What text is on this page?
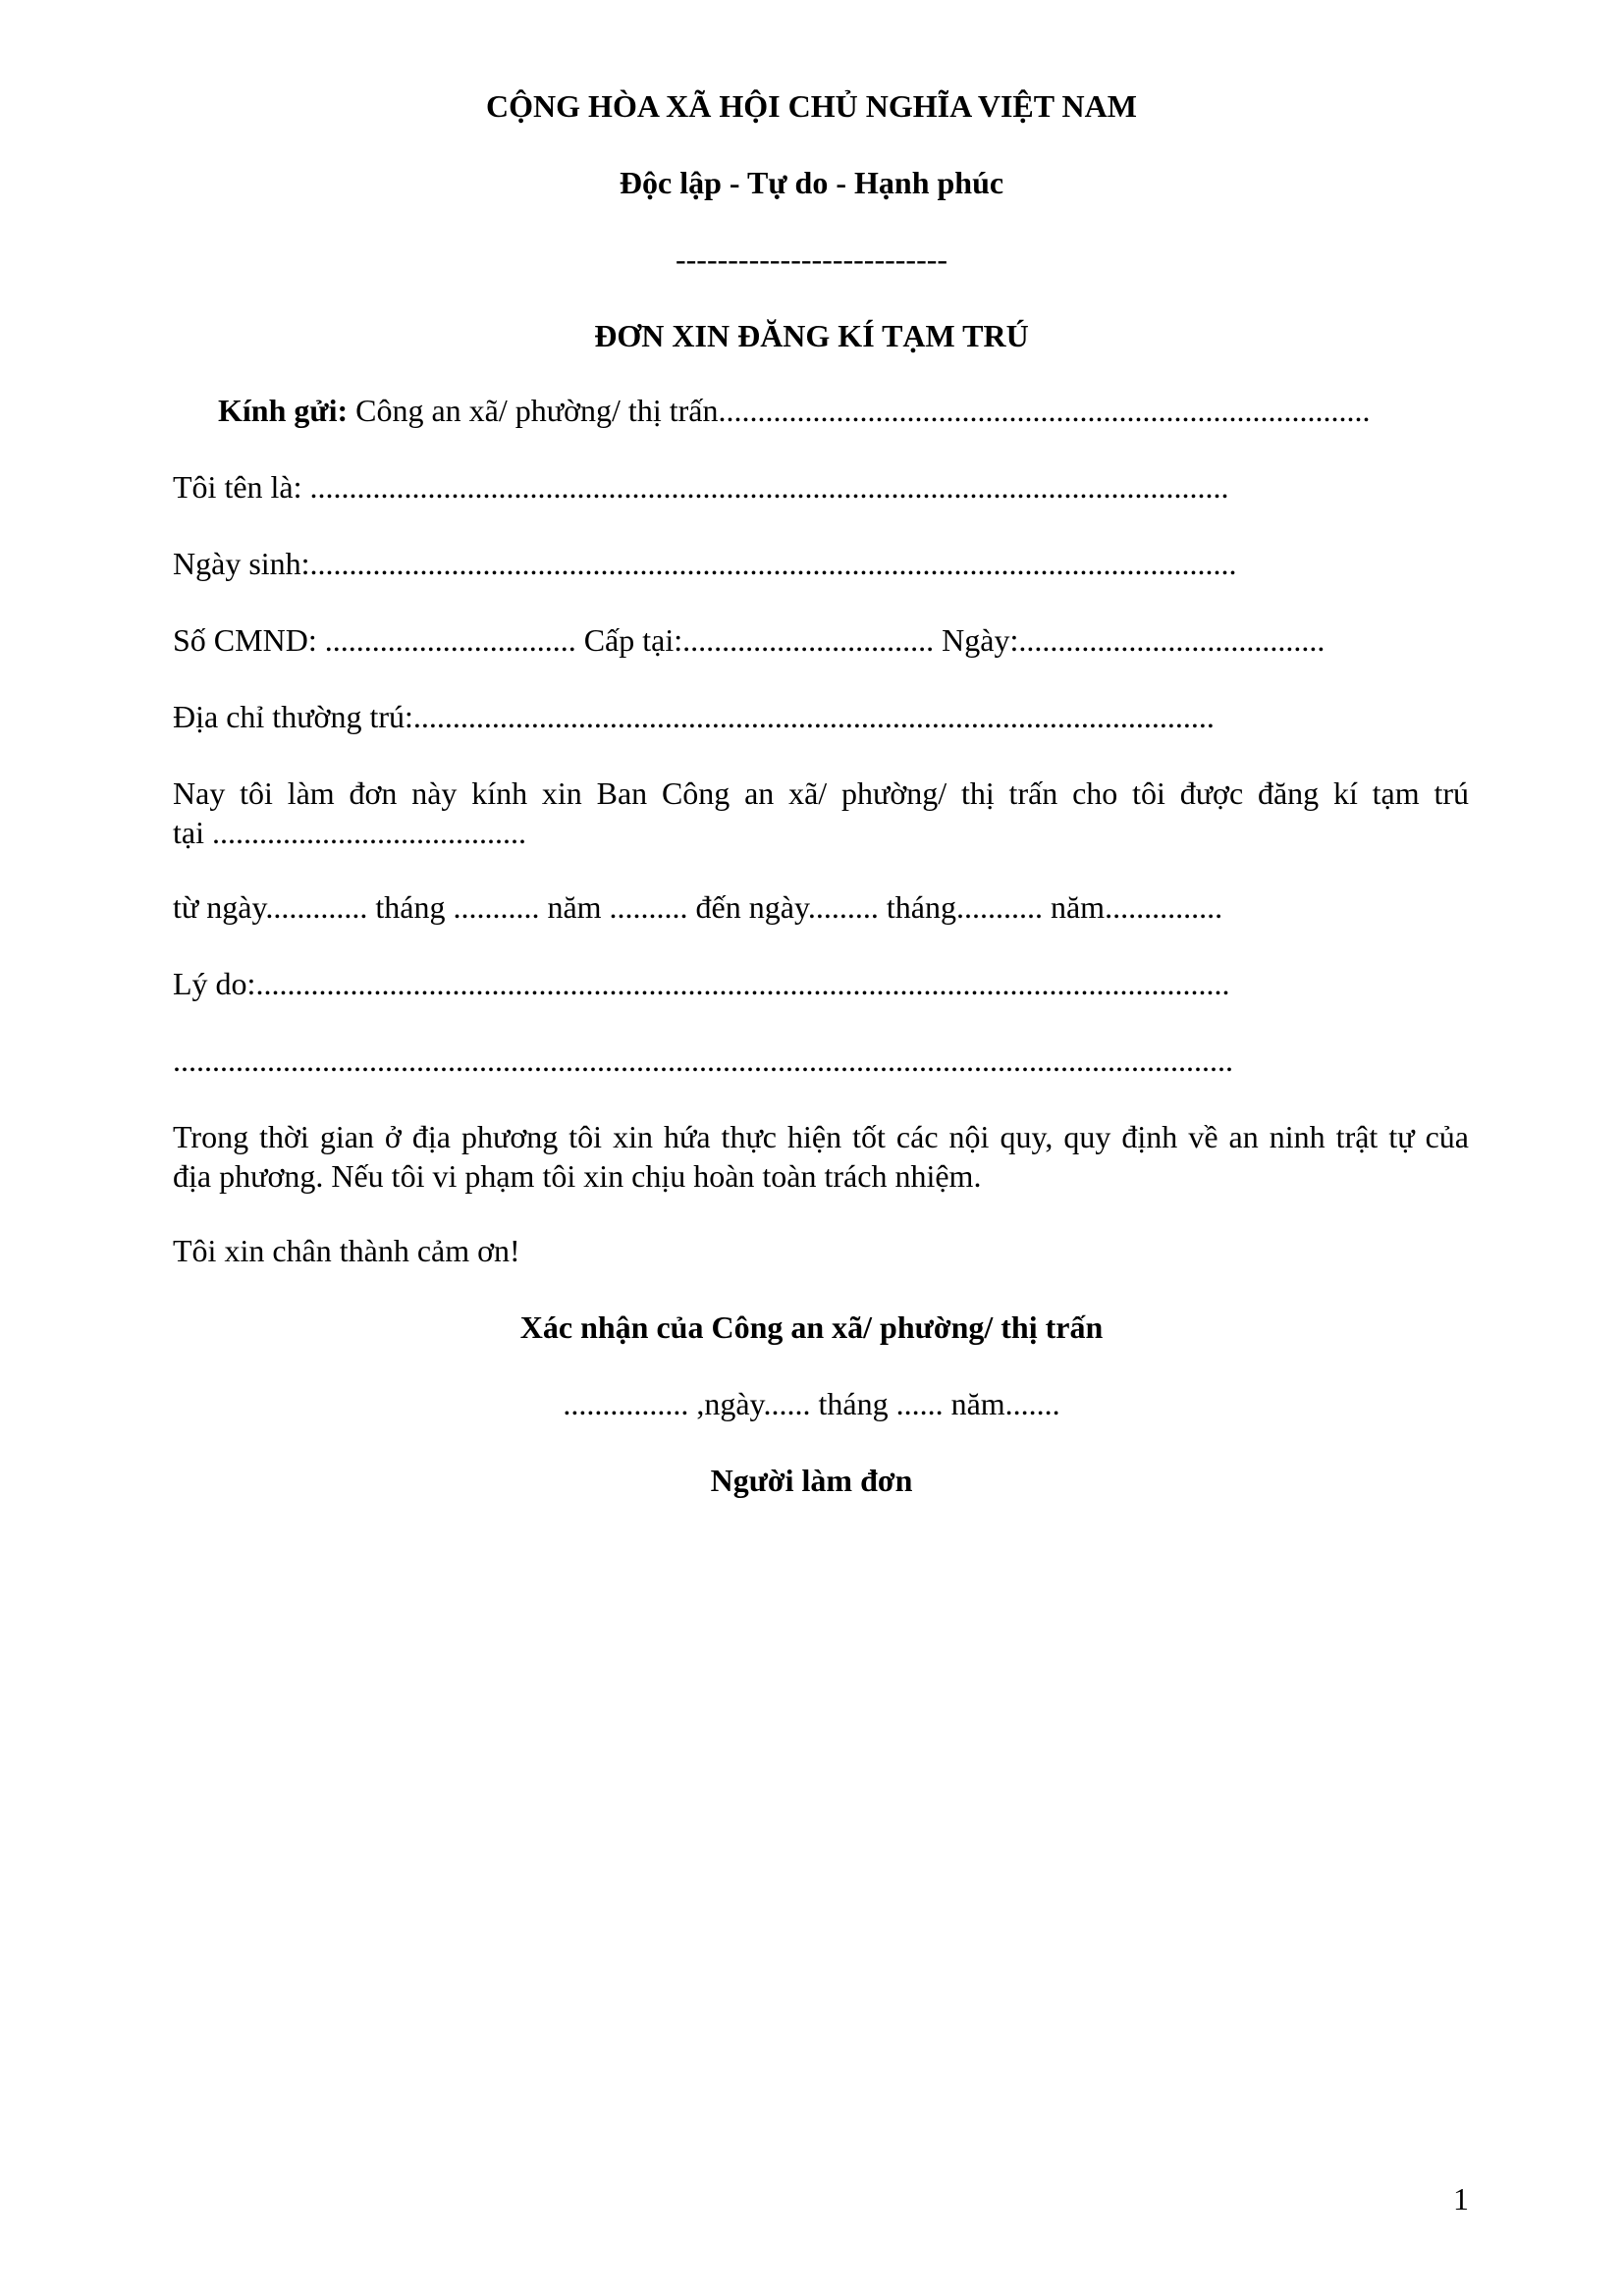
CỘNG HÒA XÃ HỘI CHỦ NGHĨA VIỆT NAM
Độc lập - Tự do - Hạnh phúc
--------------------------
ĐƠN XIN ĐĂNG KÍ TẠM TRÚ
Kính gửi: Công an xã/ phường/ thị trấn...................................................................................
Tôi tên là: .....................................................................................................................
Ngày sinh:......................................................................................................................
Số CMND: ................................ Cấp tại:................................ Ngày:.......................................
Địa chỉ thường trú:......................................................................................................
Nay tôi làm đơn này kính xin Ban Công an xã/ phường/ thị trấn cho tôi được đăng kí tạm trú
tại ........................................
từ ngày............. tháng ........... năm .......... đến ngày......... tháng........... năm...............
Lý do:............................................................................................................................
.......................................................................................................................................
Trong thời gian ở địa phương tôi xin hứa thực hiện tốt các nội quy, quy định về an ninh trật tự của
địa phương. Nếu tôi vi phạm tôi xin chịu hoàn toàn trách nhiệm.
Tôi xin chân thành cảm ơn!
Xác nhận của Công an xã/ phường/ thị trấn
................ ,ngày...... tháng ...... năm.......
Người làm đơn
1
